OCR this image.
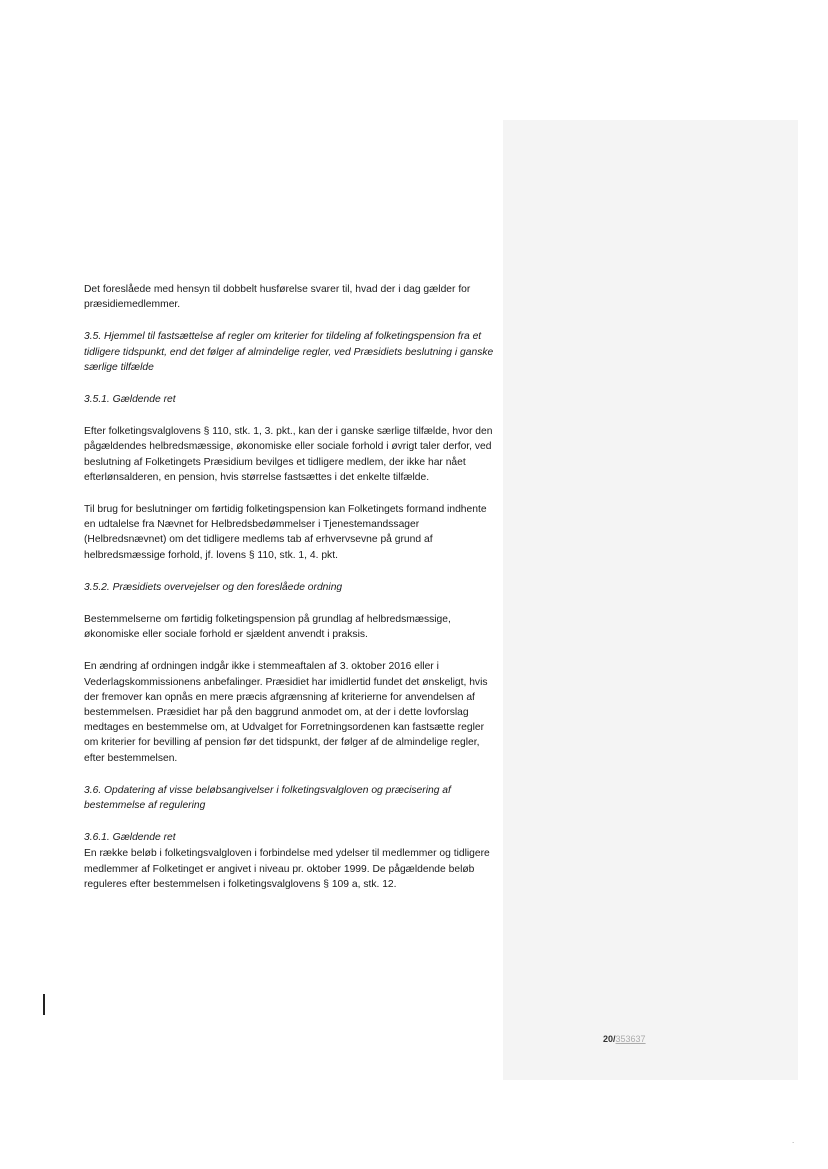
Det foreslåede med hensyn til dobbelt husførelse svarer til, hvad der i dag gælder for præsidiemedlemmer.

3.5. Hjemmel til fastsættelse af regler om kriterier for tildeling af folketingspension fra et tidligere tidspunkt, end det følger af almindelige regler, ved Præsidiets beslutning i ganske særlige tilfælde

3.5.1. Gældende ret

Efter folketingsvalglovens § 110, stk. 1, 3. pkt., kan der i ganske særlige tilfælde, hvor den pågældendes helbredsmæssige, økonomiske eller sociale forhold i øvrigt taler derfor, ved beslutning af Folketingets Præsidium bevilges et tidligere medlem, der ikke har nået efterlønsalderen, en pension, hvis størrelse fastsættes i det enkelte tilfælde.

Til brug for beslutninger om førtidig folketingspension kan Folketingets formand indhente en udtalelse fra Nævnet for Helbredsbedømmelser i Tjenestemandssager (Helbredsnævnet) om det tidligere medlems tab af erhvervsevne på grund af helbredsmæssige forhold, jf. lovens § 110, stk. 1, 4. pkt.

3.5.2. Præsidiets overvejelser og den foreslåede ordning

Bestemmelserne om førtidig folketingspension på grundlag af helbredsmæssige, økonomiske eller sociale forhold er sjældent anvendt i praksis.

En ændring af ordningen indgår ikke i stemmeaftalen af 3. oktober 2016 eller i Vederlagskommissionens anbefalinger. Præsidiet har imidlertid fundet det ønskeligt, hvis der fremover kan opnås en mere præcis afgrænsning af kriterierne for anvendelsen af bestemmelsen. Præsidiet har på den baggrund anmodet om, at der i dette lovforslag medtages en bestemmelse om, at Udvalget for Forretningsordenen kan fastsætte regler om kriterier for bevilling af pension før det tidspunkt, der følger af de almindelige regler, efter bestemmelsen.

3.6. Opdatering af visse beløbsangivelser i folketingsvalgloven og præcisering af bestemmelse af regulering

3.6.1. Gældende ret

En række beløb i folketingsvalgloven i forbindelse med ydelser til medlemmer og tidligere medlemmer af Folketinget er angivet i niveau pr. oktober 1999. De pågældende beløb reguleres efter bestemmelsen i folketingsvalglovens § 109 a, stk. 12.

20/353637
.
